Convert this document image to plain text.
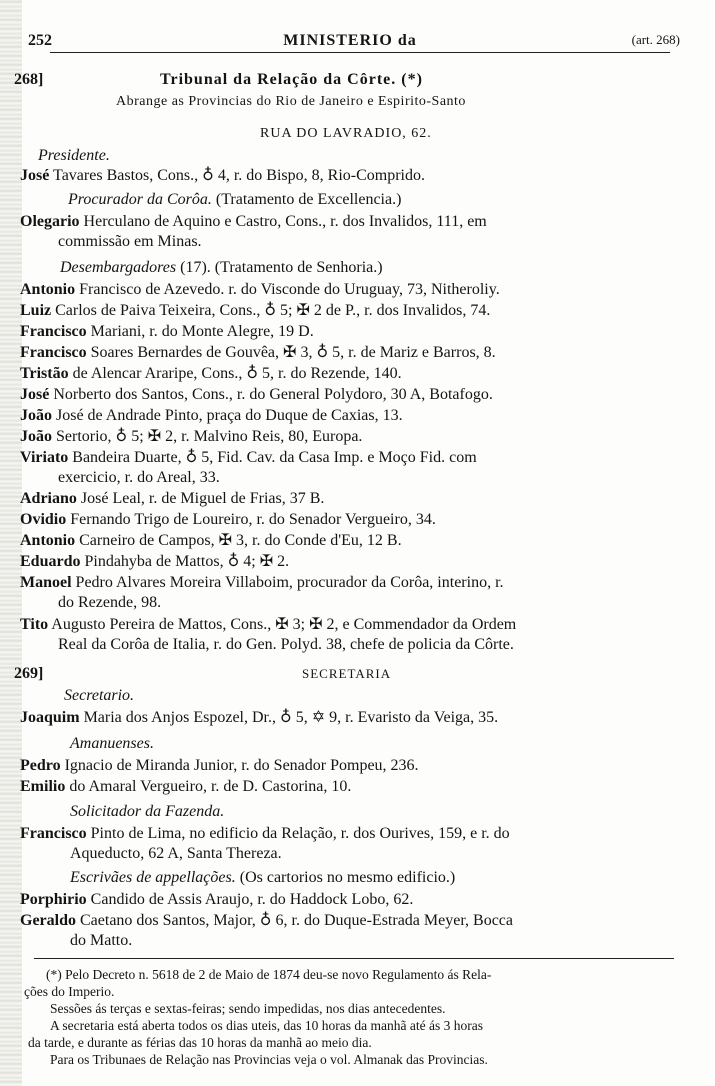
252	MINISTERIO da	(art. 268)
268]	Tribunal da Relação da Côrte. (*)
Abrange as Provincias do Rio de Janeiro e Espirito-Santo
RUA DO LAVRADIO, 62.
Presidente.
José Tavares Bastos, Cons., ♁ 4, r. do Bispo, 8, Rio-Comprido.
Procurador da Corôa. (Tratamento de Excellencia.)
Olegario Herculano de Aquino e Castro, Cons., r. dos Invalidos, 111, em
commissão em Minas.
Desembargadores (17). (Tratamento de Senhoria.)
Antonio Francisco de Azevedo. r. do Visconde do Uruguay, 73, Nitheroliy.
Luiz Carlos de Paiva Teixeira, Cons., ♁ 5; ✠ 2 de P., r. dos Invalidos, 74.
Francisco Mariani, r. do Monte Alegre, 19 D.
Francisco Soares Bernardes de Gouvêa, ✠ 3, ♁ 5, r. de Mariz e Barros, 8.
Tristão de Alencar Araripe, Cons., ♁ 5, r. do Rezende, 140.
José Norberto dos Santos, Cons., r. do General Polydoro, 30 A, Botafogo.
João José de Andrade Pinto, praça do Duque de Caxias, 13.
João Sertorio, ♁ 5; ✠ 2, r. Malvino Reis, 80, Europa.
Viriato Bandeira Duarte, ♁ 5, Fid. Cav. da Casa Imp. e Moço Fid. com
exercicio, r. do Areal, 33.
Adriano José Leal, r. de Miguel de Frias, 37 B.
Ovidio Fernando Trigo de Loureiro, r. do Senador Vergueiro, 34.
Antonio Carneiro de Campos, ✠ 3, r. do Conde d'Eu, 12 B.
Eduardo Pindahyba de Mattos, ♁ 4; ✠ 2.
Manoel Pedro Alvares Moreira Villaboim, procurador da Corôa, interino, r.
do Rezende, 98.
Tito Augusto Pereira de Mattos, Cons., ✠ 3; ✠ 2, e Commendador da Ordem
Real da Corôa de Italia, r. do Gen. Polyd. 38, chefe de policia da Côrte.
269]	SECRETARIA
Secretario.
Joaquim Maria dos Anjos Espozel, Dr., ♁ 5, ✡ 9, r. Evaristo da Veiga, 35.
Amanuenses.
Pedro Ignacio de Miranda Junior, r. do Senador Pompeu, 236.
Emilio do Amaral Vergueiro, r. de D. Castorina, 10.
Solicitador da Fazenda.
Francisco Pinto de Lima, no edificio da Relação, r. dos Ourives, 159, e r. do
Aqueducto, 62 A, Santa Thereza.
Escrivães de appellações. (Os cartorios no mesmo edificio.)
Porphirio Candido de Assis Araujo, r. do Haddock Lobo, 62.
Geraldo Caetano dos Santos, Major, ♁ 6, r. do Duque-Estrada Meyer, Bocca
do Matto.
(*) Pelo Decreto n. 5618 de 2 de Maio de 1874 deu-se novo Regulamento ás Rela-
ções do Imperio.
Sessões ás terças e sextas-feiras; sendo impedidas, nos dias antecedentes.
A secretaria está aberta todos os dias uteis, das 10 horas da manhã até ás 3 horas
da tarde, e durante as férias das 10 horas da manhã ao meio dia.
Para os Tribunaes de Relação nas Provincias veja o vol. Almanak das Provincias.
